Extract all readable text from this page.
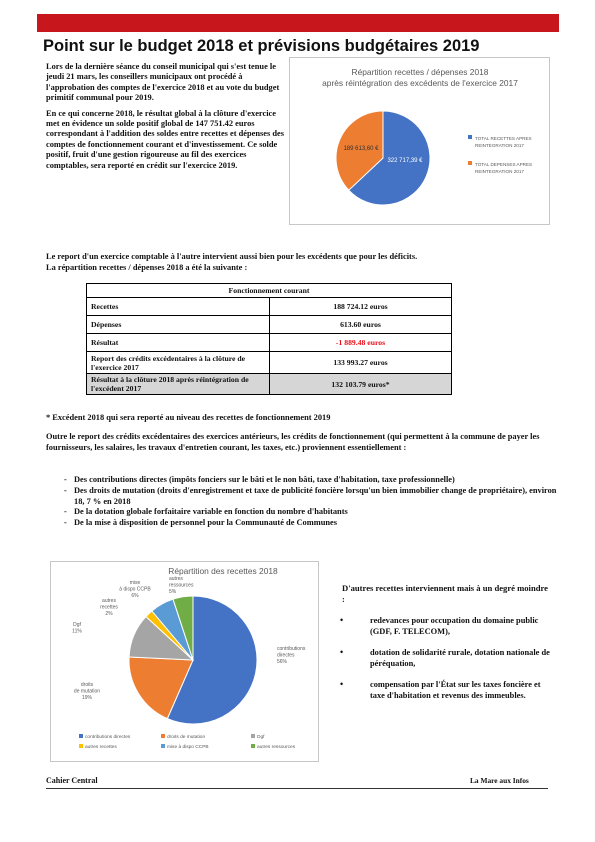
Point sur le budget 2018 et prévisions budgétaires 2019

Lors de la dernière séance du conseil municipal qui s'est tenue le jeudi 21 mars, les conseillers municipaux ont procédé à l'approbation des comptes de l'exercice 2018 et au vote du budget primitif communal pour 2019.

En ce qui concerne 2018, le résultat global à la clôture d'exercice met en évidence un solde positif global de 147 751.42 euros correspondant à l'addition des soldes entre recettes et dépenses des comptes de fonctionnement courant et d'investissement. Ce solde positif, fruit d'une gestion rigoureuse au fil des exercices comptables, sera reporté en crédit sur l'exercice 2019.

Répartition recettes / dépenses 2018
après réintégration des excédents de l'exercice 2017
322 717,39 €
189 613,60 €
TOTAL RECETTES APRES
REINTEGRATION 2017
TOTAL DEPENSES APRES
REINTEGRATION 2017
Le report d'un exercice comptable à l'autre intervient aussi bien pour les excédents que pour les déficits.
La répartition recettes / dépenses 2018 a été la suivante :
Fonctionnement courant	
Recettes	188 724.12 euros
Dépenses	613.60 euros
Résultat	-1 889.48 euros
Report des crédits excédentaires à la clôture de l'exercice 2017	133 993.27 euros
Résultat à la clôture 2018 après réintégration de l'excédent 2017	132 103.79 euros*
* Excédent 2018 qui sera reporté au niveau des recettes de fonctionnement 2019
Outre le report des crédits excédentaires des exercices antérieurs, les crédits de fonctionnement (qui permettent à la commune de payer les fournisseurs, les salaires, les travaux d'entretien courant, les taxes, etc.) proviennent essentiellement :
- Des contributions directes (impôts fonciers sur le bâti et le non bâti, taxe d'habitation, taxe professionnelle)
- Des droits de mutation (droits d'enregistrement et taxe de publicité foncière lorsqu'un bien immobilier change de propriétaire), environ 18, 7 % en 2018
- De la dotation globale forfaitaire variable en fonction du nombre d'habitants
- De la mise à disposition de personnel pour la Communauté de Communes
Répartition des recettes 2018
contributions
directes
56%
droits
de mutation
19%
Dgf
11%
autres
recettes
2%
mise
à dispo CCPB
6%
autres
ressources
5%
contributions directes	droits de mutation	Dgf
autres recettes	mise à dispo CCPB	autres ressources
D'autres recettes interviennent mais à un degré moindre :
• redevances pour occupation du domaine public (GDF, F. TELECOM),
• dotation de solidarité rurale, dotation nationale de péréquation,
• compensation par l'État sur les taxes foncière et taxe d'habitation et revenus des immeubles.
Cahier Central	La Mare aux Infos
